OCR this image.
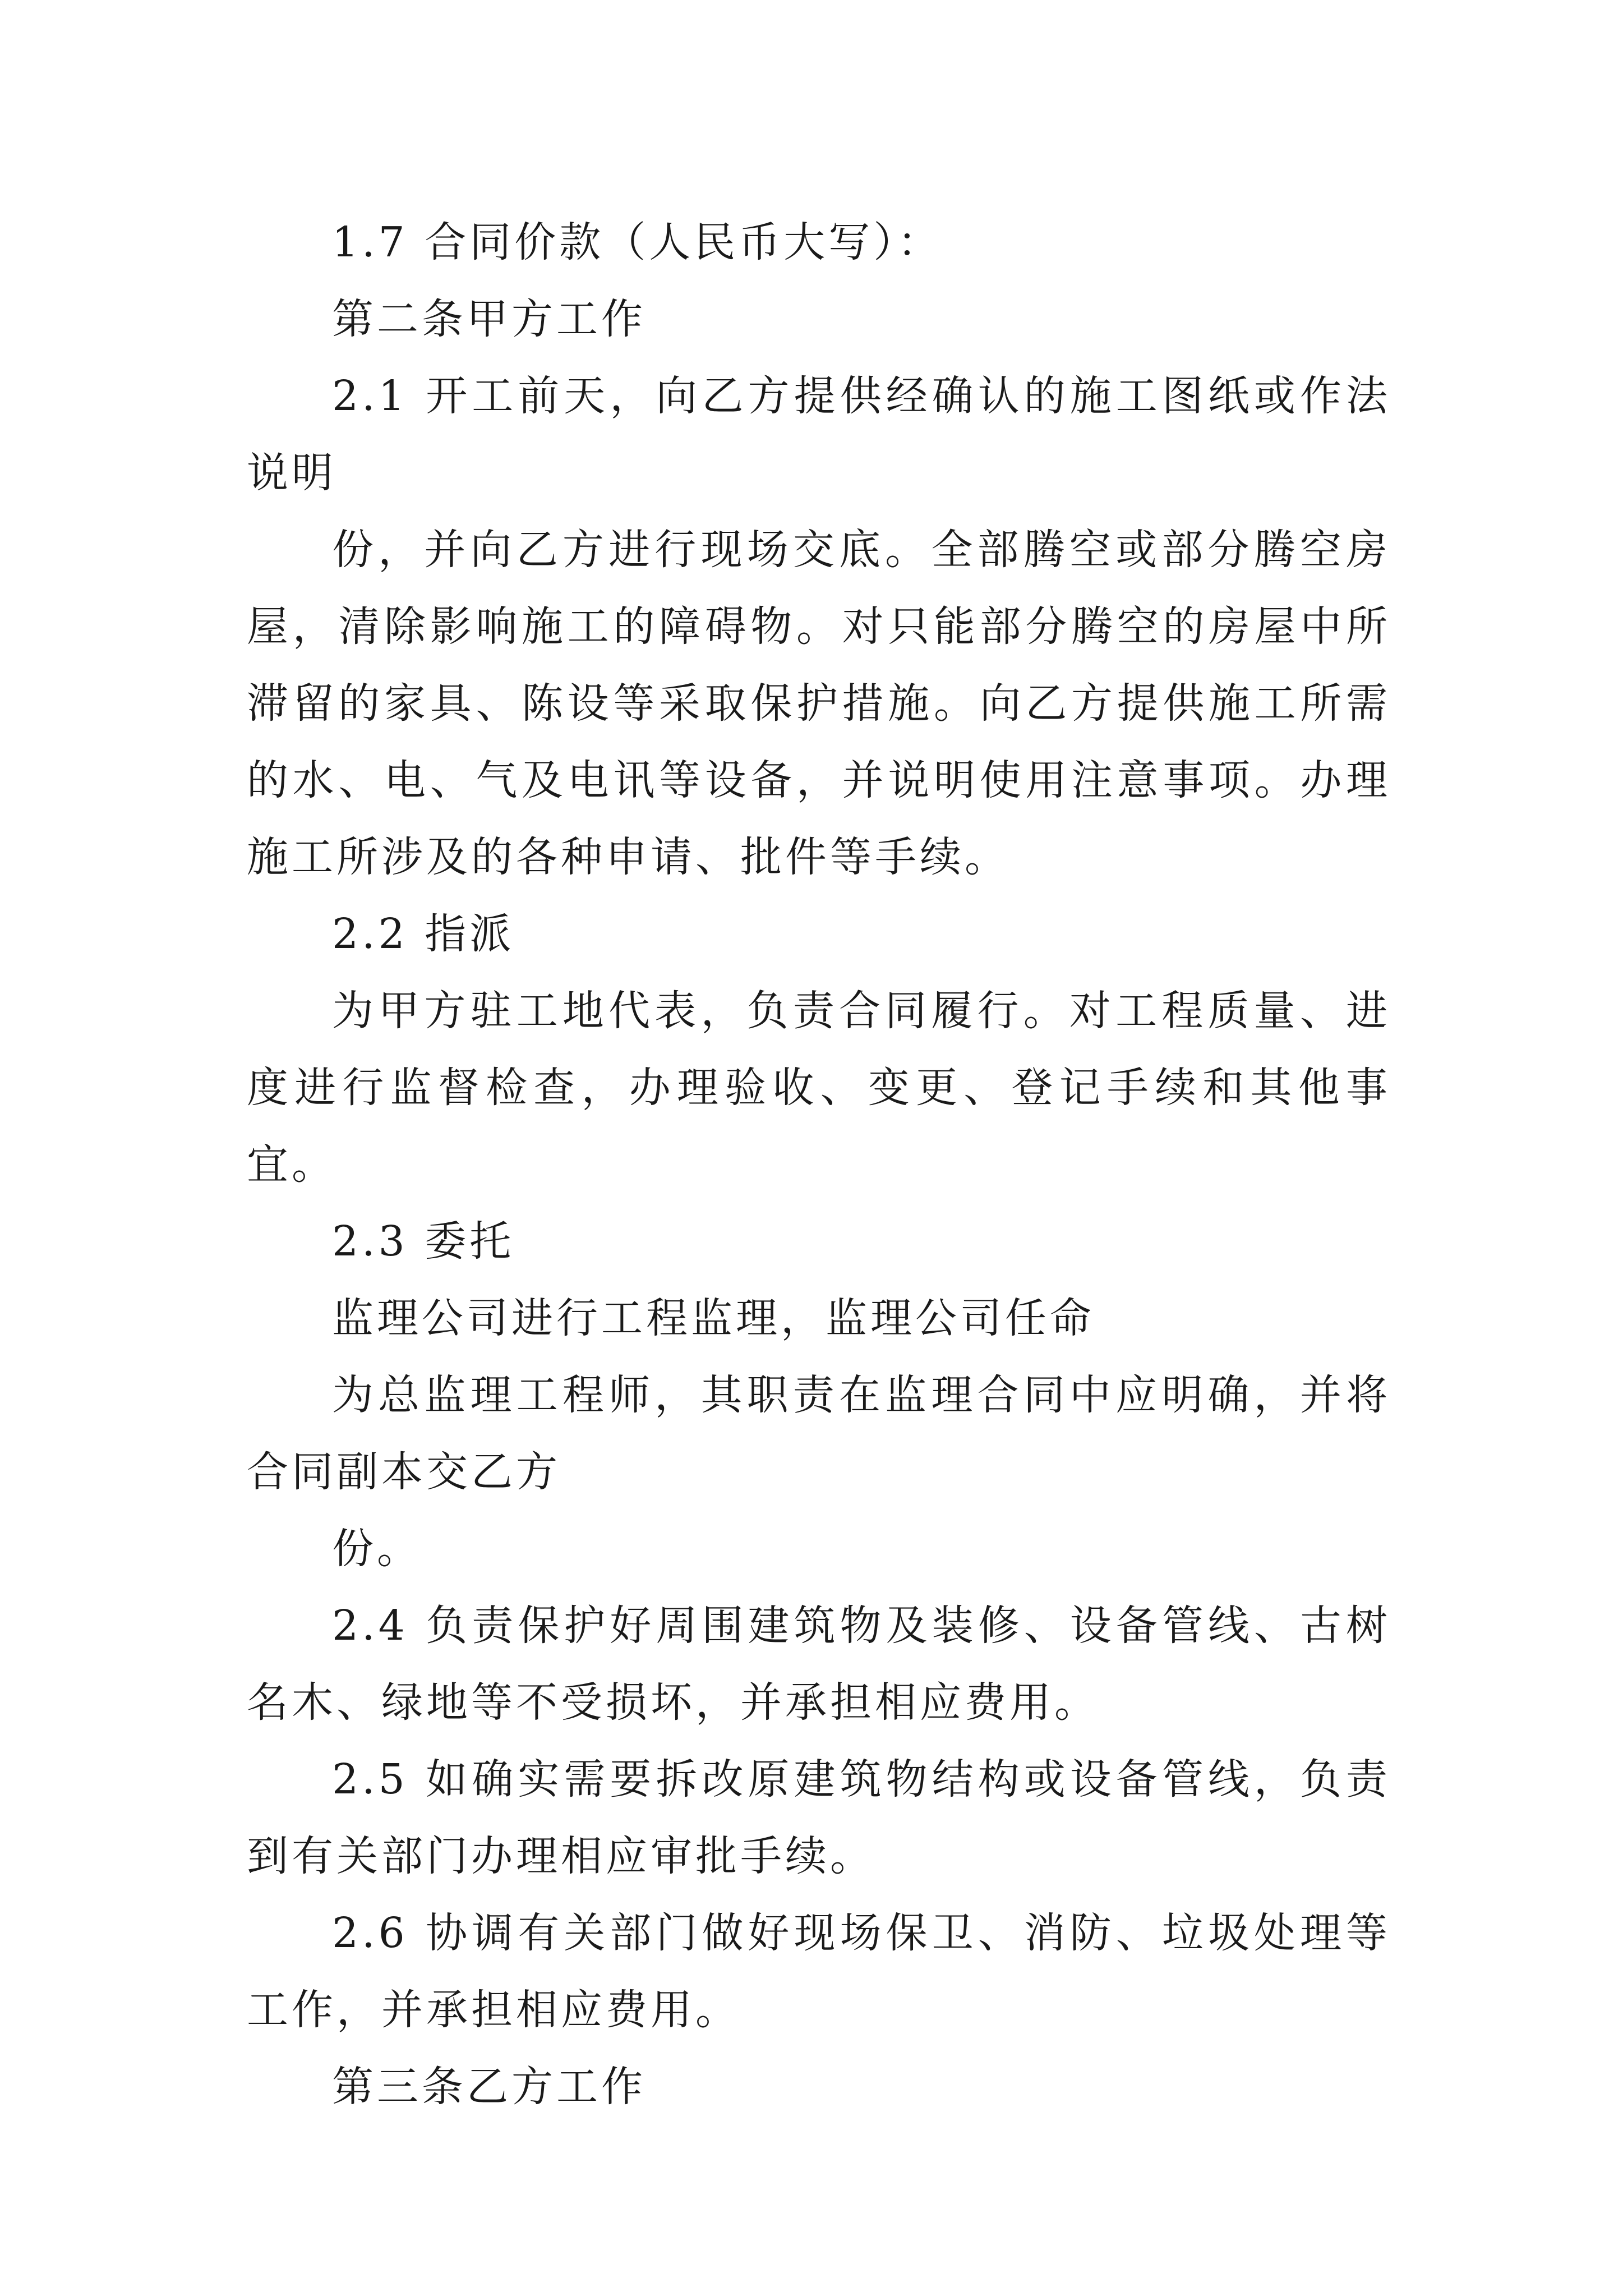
1.7 合同价款（人民币大写）：

第二条甲方工作

2.1 开工前天，向乙方提供经确认的施工图纸或作法说明

份，并向乙方进行现场交底。全部腾空或部分腾空房屋，清除影响施工的障碍物。对只能部分腾空的房屋中所滞留的家具、陈设等采取保护措施。向乙方提供施工所需的水、电、气及电讯等设备，并说明使用注意事项。办理施工所涉及的各种申请、批件等手续。

2.2 指派

为甲方驻工地代表，负责合同履行。对工程质量、进度进行监督检查，办理验收、变更、登记手续和其他事宜。

2.3 委托

监理公司进行工程监理，监理公司任命

为总监理工程师，其职责在监理合同中应明确，并将合同副本交乙方

份。

2.4 负责保护好周围建筑物及装修、设备管线、古树名木、绿地等不受损坏，并承担相应费用。

2.5 如确实需要拆改原建筑物结构或设备管线，负责到有关部门办理相应审批手续。

2.6 协调有关部门做好现场保卫、消防、垃圾处理等工作，并承担相应费用。

第三条乙方工作
